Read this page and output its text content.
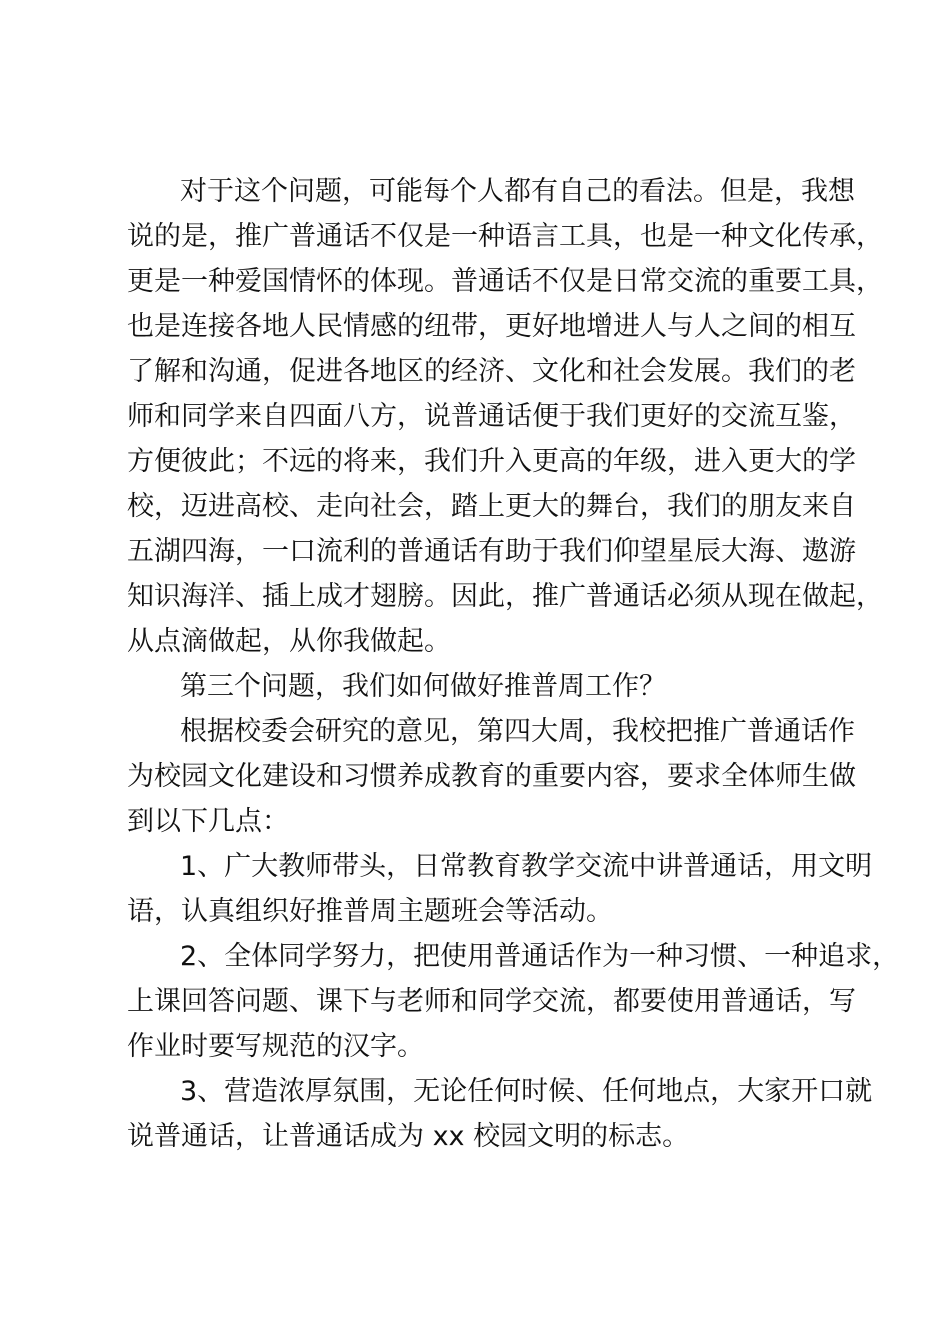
对于这个问题，可能每个人都有自己的看法。但是，我想
说的是，推广普通话不仅是一种语言工具，也是一种文化传承，
更是一种爱国情怀的体现。普通话不仅是日常交流的重要工具，
也是连接各地人民情感的纽带，更好地增进人与人之间的相互
了解和沟通，促进各地区的经济、文化和社会发展。我们的老
师和同学来自四面八方，说普通话便于我们更好的交流互鉴，
方便彼此；不远的将来，我们升入更高的年级，进入更大的学
校，迈进高校、走向社会，踏上更大的舞台，我们的朋友来自
五湖四海，一口流利的普通话有助于我们仰望星辰大海、遨游
知识海洋、插上成才翅膀。因此，推广普通话必须从现在做起，
从点滴做起，从你我做起。
第三个问题，我们如何做好推普周工作？
根据校委会研究的意见，第四大周，我校把推广普通话作
为校园文化建设和习惯养成教育的重要内容，要求全体师生做
到以下几点：
1、广大教师带头，日常教育教学交流中讲普通话，用文明
语，认真组织好推普周主题班会等活动。
2、全体同学努力，把使用普通话作为一种习惯、一种追求，
上课回答问题、课下与老师和同学交流，都要使用普通话，写
作业时要写规范的汉字。
3、营造浓厚氛围，无论任何时候、任何地点，大家开口就
说普通话，让普通话成为 xx 校园文明的标志。
